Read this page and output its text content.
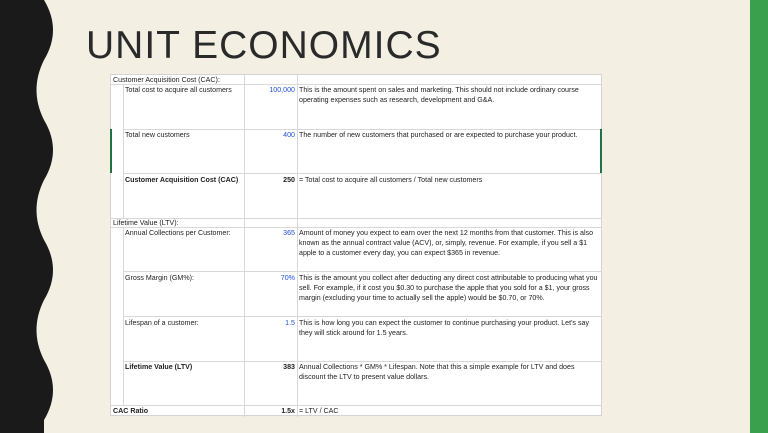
UNIT ECONOMICS
Customer Acquisition Cost (CAC):
Total cost to acquire all customers	100,000 This is the amount spent on sales and marketing. This should not include ordinary course operating expenses such as research, development and G&A.
Total new customers	400 The number of new customers that purchased or are expected to purchase your product.
Customer Acquisition Cost (CAC)	250 = Total cost to acquire all customers / Total new customers
Lifetime Value (LTV):
Annual Collections per Customer:	365 Amount of money you expect to earn over the next 12 months from that customer. This is also known as the annual contract value (ACV), or, simply, revenue. For example, if you sell a $1 apple to a customer every day, you can expect $365 in revenue.
Gross Margin (GM%):	70% This is the amount you collect after deducting any direct cost attributable to producing what you sell. For example, if it cost you $0.30 to purchase the apple that you sold for a $1, your gross margin (excluding your time to actually sell the apple) would be $0.70, or 70%.
Lifespan of a customer:	1.5 This is how long you can expect the customer to continue purchasing your product. Let's say they will stick around for 1.5 years.
Lifetime Value (LTV)	383 Annual Collections * GM% * Lifespan. Note that this a simple example for LTV and does discount the LTV to present value dollars.
CAC Ratio	1.5x = LTV / CAC
